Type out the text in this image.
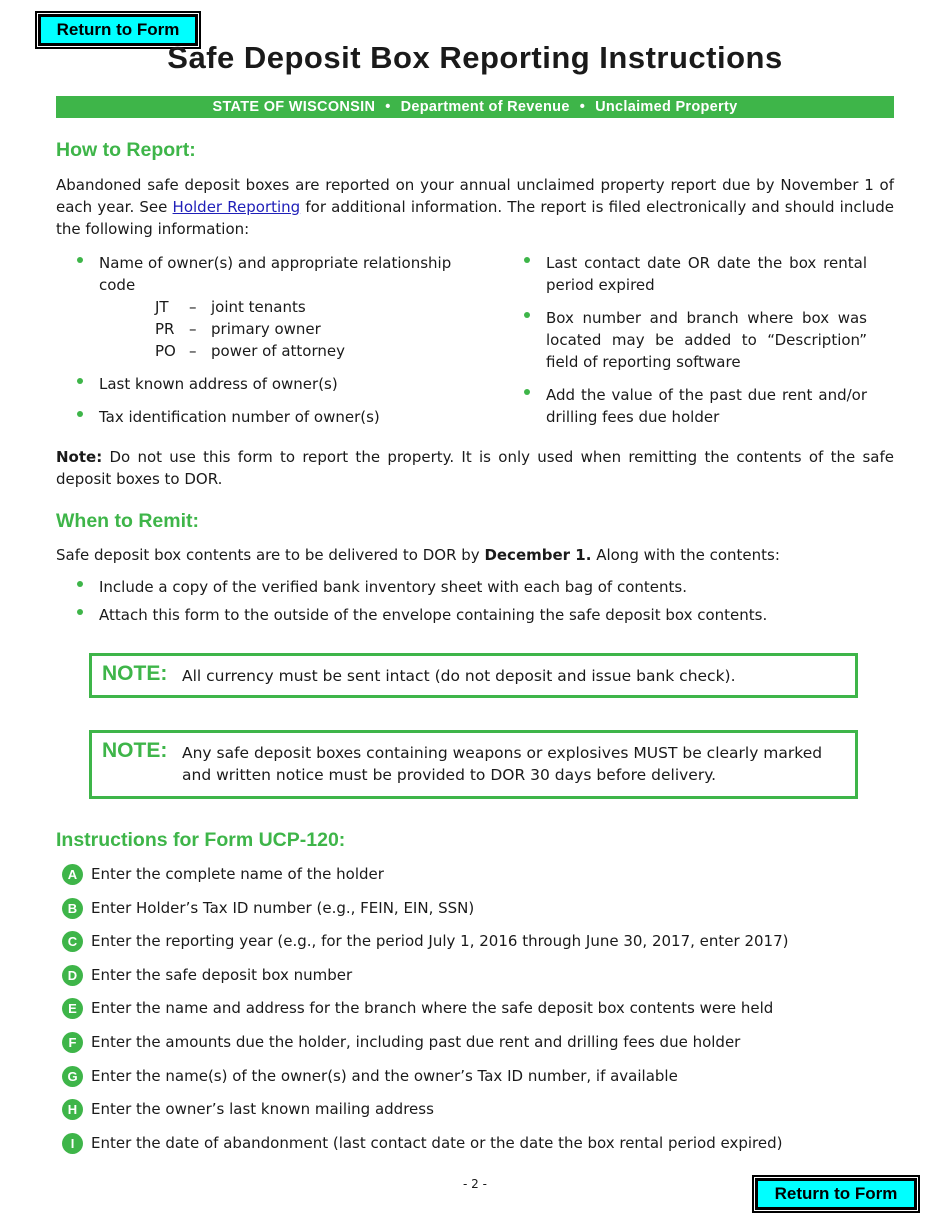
Return to Form
Safe Deposit Box Reporting Instructions
STATE OF WISCONSIN • Department of Revenue • Unclaimed Property
How to Report:

Abandoned safe deposit boxes are reported on your annual unclaimed property report due by November 1 of each year. See Holder Reporting for additional information. The report is filed electronically and should include the following information:

Name of owner(s) and appropriate relationship code
JT – joint tenants
PR – primary owner
PO – power of attorney
Last known address of owner(s)
Tax identification number of owner(s)
Last contact date OR date the box rental period expired
Box number and branch where box was located may be added to “Description” field of reporting software
Add the value of the past due rent and/or drilling fees due holder

Note: Do not use this form to report the property. It is only used when remitting the contents of the safe deposit boxes to DOR.

When to Remit:

Safe deposit box contents are to be delivered to DOR by December 1. Along with the contents:

Include a copy of the verified bank inventory sheet with each bag of contents.
Attach this form to the outside of the envelope containing the safe deposit box contents.
NOTE: All currency must be sent intact (do not deposit and issue bank check).
NOTE: Any safe deposit boxes containing weapons or explosives MUST be clearly marked and written notice must be provided to DOR 30 days before delivery.
Instructions for Form UCP-120:
A Enter the complete name of the holder
B Enter Holder’s Tax ID number (e.g., FEIN, EIN, SSN)
C Enter the reporting year (e.g., for the period July 1, 2016 through June 30, 2017, enter 2017)
D Enter the safe deposit box number
E Enter the name and address for the branch where the safe deposit box contents were held
F Enter the amounts due the holder, including past due rent and drilling fees due holder
G Enter the name(s) of the owner(s) and the owner’s Tax ID number, if available
H Enter the owner’s last known mailing address
I	Enter the date of abandonment (last contact date or the date the box rental period expired)
- 2 -	Return to Form
